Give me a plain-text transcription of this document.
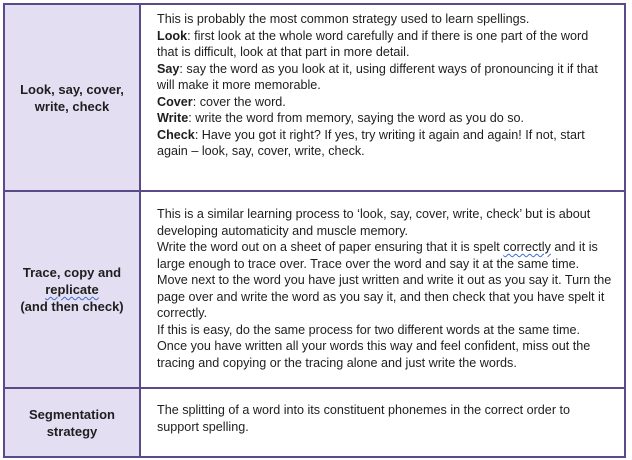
Look, say, cover, write, check

This is probably the most common strategy used to learn spellings.

Look: first look at the whole word carefully and if there is one part of the word that is difficult, look at that part in more detail.

Say: say the word as you look at it, using different ways of pronouncing it if that will make it more memorable.

Cover: cover the word.

Write: write the word from memory, saying the word as you do so.

Check: Have you got it right? If yes, try writing it again and again! If not, start again – look, say, cover, write, check.

Trace, copy and
replicate
(and then check)

This is a similar learning process to ‘look, say, cover, write, check’ but is about developing automaticity and muscle memory.

Write the word out on a sheet of paper ensuring that it is spelt correctly and it is large enough to trace over. Trace over the word and say it at the same time. Move next to the word you have just written and write it out as you say it. Turn the page over and write the word as you say it, and then check that you have spelt it correctly.

If this is easy, do the same process for two different words at the same time.

Once you have written all your words this way and feel confident, miss out the tracing and copying or the tracing alone and just write the words.

Segmentation strategy

The splitting of a word into its constituent phonemes in the correct order to support spelling.
